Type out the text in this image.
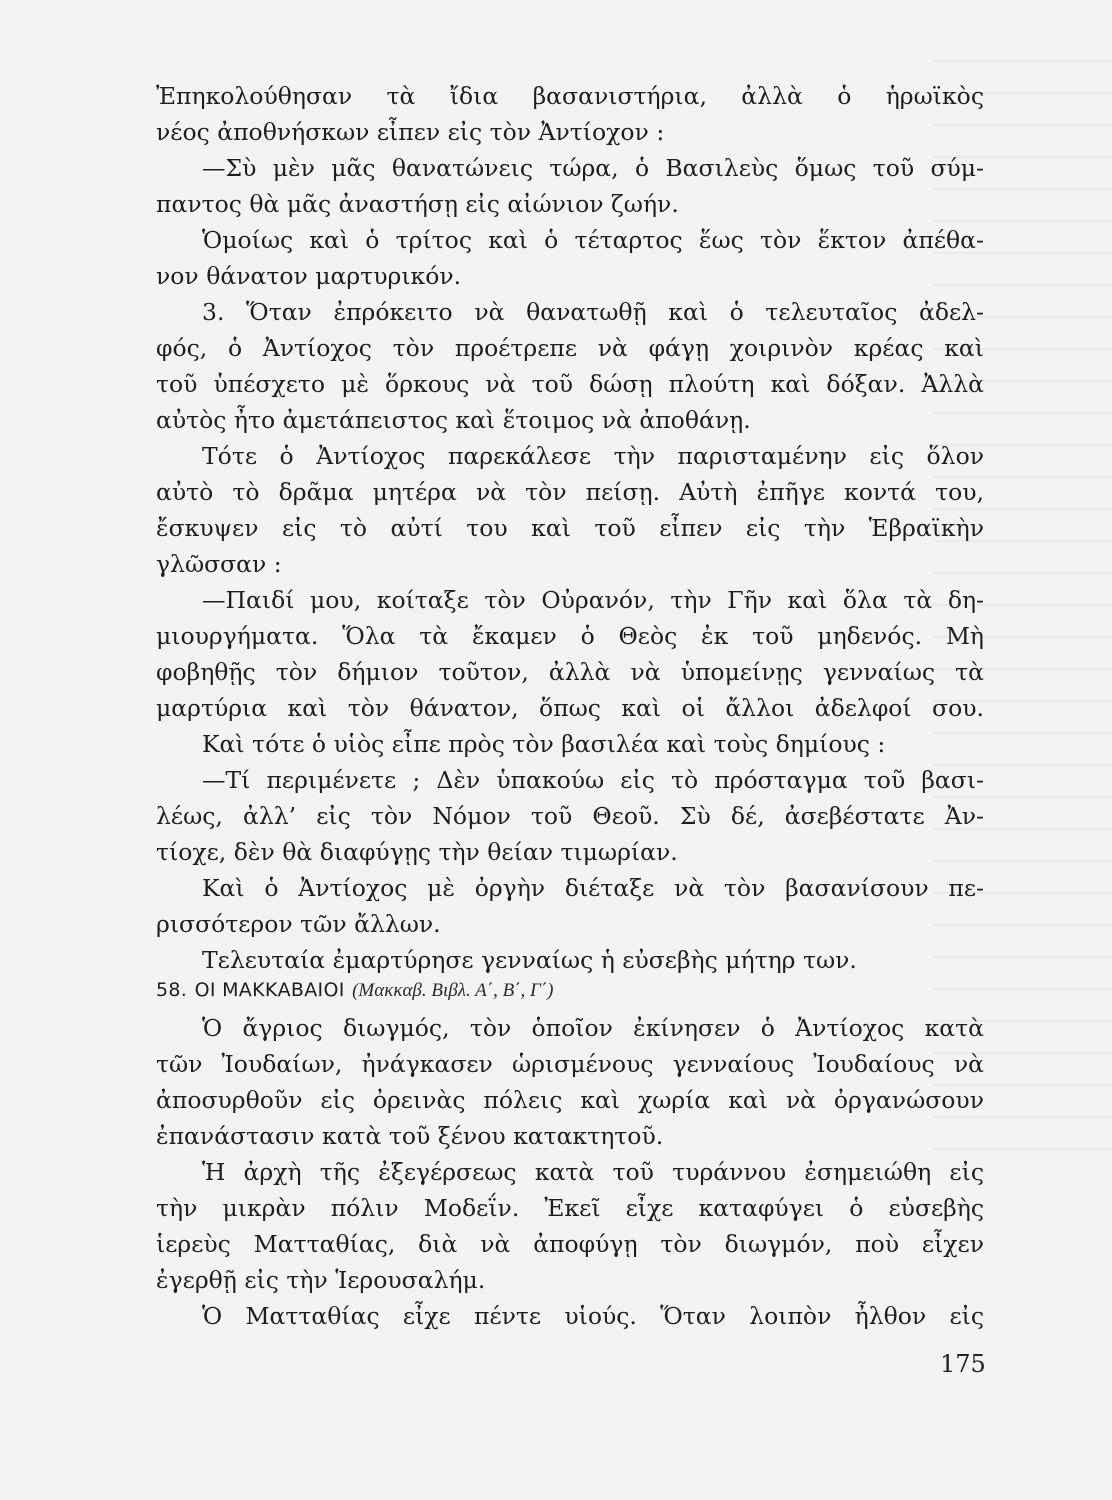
Ἐπηκολούθησαν τὰ ἴδια βασανιστήρια, ἀλλὰ ὁ ἡρωϊκὸς
νέος ἀποθνήσκων εἶπεν εἰς τὸν Ἀντίοχον :
—Σὺ μὲν μᾶς θανατώνεις τώρα, ὁ Βασιλεὺς ὅμως τοῦ σύμ-
παντος θὰ μᾶς ἀναστήσῃ εἰς αἰώνιον ζωήν.
Ὁμοίως καὶ ὁ τρίτος καὶ ὁ τέταρτος ἕως τὸν ἕκτον ἀπέθα-
νον θάνατον μαρτυρικόν.
3. Ὅταν ἐπρόκειτο νὰ θανατωθῇ καὶ ὁ τελευταῖος ἀδελ-
φός, ὁ Ἀντίοχος τὸν προέτρεπε νὰ φάγῃ χοιρινὸν κρέας καὶ
τοῦ ὑπέσχετο μὲ ὅρκους νὰ τοῦ δώσῃ πλούτη καὶ δόξαν. Ἀλλὰ
αὐτὸς ἦτο ἀμετάπειστος καὶ ἕτοιμος νὰ ἀποθάνῃ.
Τότε ὁ Ἀντίοχος παρεκάλεσε τὴν παρισταμένην εἰς ὅλον
αὐτὸ τὸ δρᾶμα μητέρα νὰ τὸν πείσῃ. Αὐτὴ ἐπῆγε κοντά του,
ἔσκυψεν εἰς τὸ αὐτί του καὶ τοῦ εἶπεν εἰς τὴν Ἑβραϊκὴν
γλῶσσαν :
—Παιδί μου, κοίταξε τὸν Οὐρανόν, τὴν Γῆν καὶ ὅλα τὰ δη-
μιουργήματα. Ὅλα τὰ ἔκαμεν ὁ Θεὸς ἐκ τοῦ μηδενός. Μὴ
φοβηθῇς τὸν δήμιον τοῦτον, ἀλλὰ νὰ ὑπομείνῃς γενναίως τὰ
μαρτύρια καὶ τὸν θάνατον, ὅπως καὶ οἱ ἄλλοι ἀδελφοί σου.
Καὶ τότε ὁ υἱὸς εἶπε πρὸς τὸν βασιλέα καὶ τοὺς δημίους :
—Τί περιμένετε ; Δὲν ὑπακούω εἰς τὸ πρόσταγμα τοῦ βασι-
λέως, ἀλλ’ εἰς τὸν Νόμον τοῦ Θεοῦ. Σὺ δέ, ἀσεβέστατε Ἀν-
τίοχε, δὲν θὰ διαφύγῃς τὴν θείαν τιμωρίαν.
Καὶ ὁ Ἀντίοχος μὲ ὀργὴν διέταξε νὰ τὸν βασανίσουν πε-
ρισσότερον τῶν ἄλλων.
Τελευταία ἐμαρτύρησε γενναίως ἡ εὐσεβὴς μήτηρ των.
58. ΟΙ ΜΑΚΚΑΒΑΙΟΙ (Μακκαβ. Βιβλ. Α΄, Β΄, Γ΄)
Ὁ ἄγριος διωγμός, τὸν ὁποῖον ἐκίνησεν ὁ Ἀντίοχος κατὰ
τῶν Ἰουδαίων, ἠνάγκασεν ὡρισμένους γενναίους Ἰουδαίους νὰ
ἀποσυρθοῦν εἰς ὀρεινὰς πόλεις καὶ χωρία καὶ νὰ ὀργανώσουν
ἐπανάστασιν κατὰ τοῦ ξένου κατακτητοῦ.
Ἡ ἀρχὴ τῆς ἐξεγέρσεως κατὰ τοῦ τυράννου ἐσημειώθη εἰς
τὴν μικρὰν πόλιν Μοδεΐν. Ἐκεῖ εἶχε καταφύγει ὁ εὐσεβὴς
ἱερεὺς Ματταθίας, διὰ νὰ ἀποφύγῃ τὸν διωγμόν, ποὺ εἶχεν
ἐγερθῇ εἰς τὴν Ἱερουσαλήμ.
Ὁ Ματταθίας εἶχε πέντε υἱούς. Ὅταν λοιπὸν ἦλθον εἰς
175
